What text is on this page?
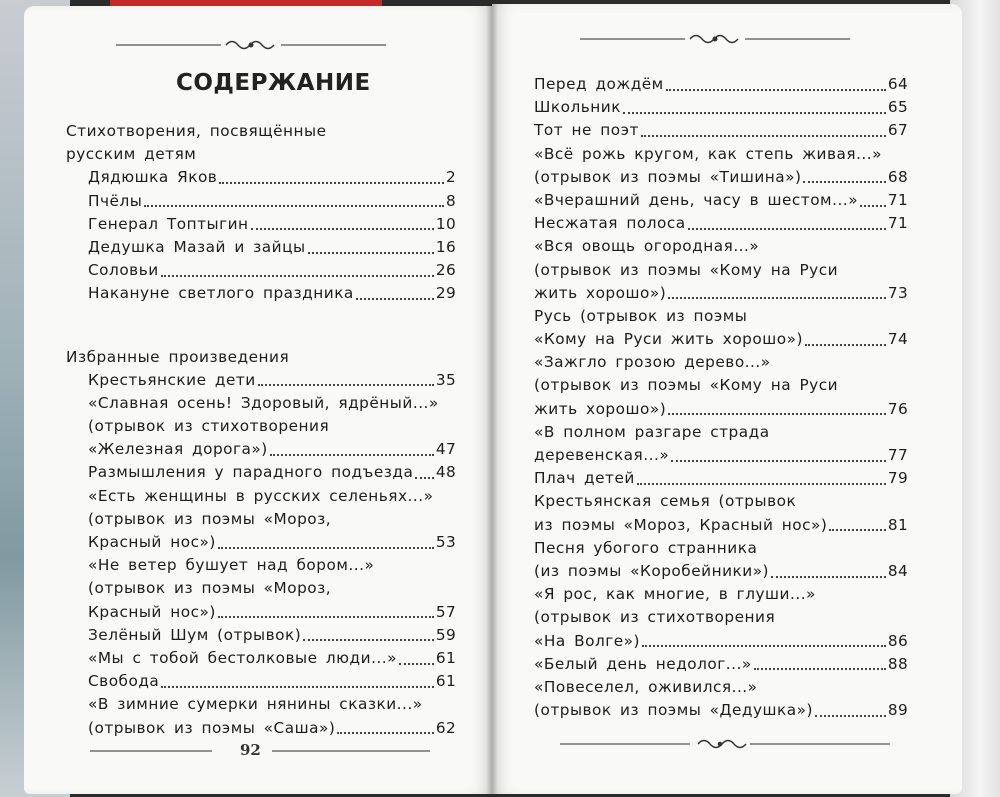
СОДЕРЖАНИЕ
Стихотворения, посвящённые
русским детям
Дядюшка Яков	2
Пчёлы	8
Генерал Топтыгин	10
Дедушка Мазай и зайцы	16
Соловьи	26
Накануне светлого праздника	29
Избранные произведения
Крестьянские дети	35
«Славная осень! Здоровый, ядрёный...»
(отрывок из стихотворения
«Железная дорога»)	47
Размышления у парадного подъезда 48
«Есть женщины в русских селеньях...»
(отрывок из поэмы «Мороз,
Красный нос»)	53
«Не ветер бушует над бором...»
(отрывок из поэмы «Мороз,
Красный нос»)	57
Зелёный Шум (отрывок)	59
«Мы с тобой бестолковые люди...»	61
Свобода	61
«В зимние сумерки нянины сказки...»
(отрывок из поэмы «Саша»)	62
Перед дождём	64
Школьник	65
Тот не поэт	67
«Всё рожь кругом, как степь живая...»
(отрывок из поэмы «Тишина»)	68
«Вчерашний день, часу в шестом...» 71
Несжатая полоса	71
«Вся овощь огородная...»
(отрывок из поэмы «Кому на Руси
жить хорошо»)	73
Русь (отрывок из поэмы
«Кому на Руси жить хорошо»)	74
«Зажгло грозою дерево...»
(отрывок из поэмы «Кому на Руси
жить хорошо»)	76
«В полном разгаре страда
деревенская...»	77
Плач детей	79
Крестьянская семья (отрывок
из поэмы «Мороз, Красный нос»)	81
Песня убогого странника
(из поэмы «Коробейники»)	84
«Я рос, как многие, в глуши...»
(отрывок из стихотворения
«На Волге»)	86
«Белый день недолог...»	88
«Повеселел, оживился...»
(отрывок из поэмы «Дедушка»)	89
92
